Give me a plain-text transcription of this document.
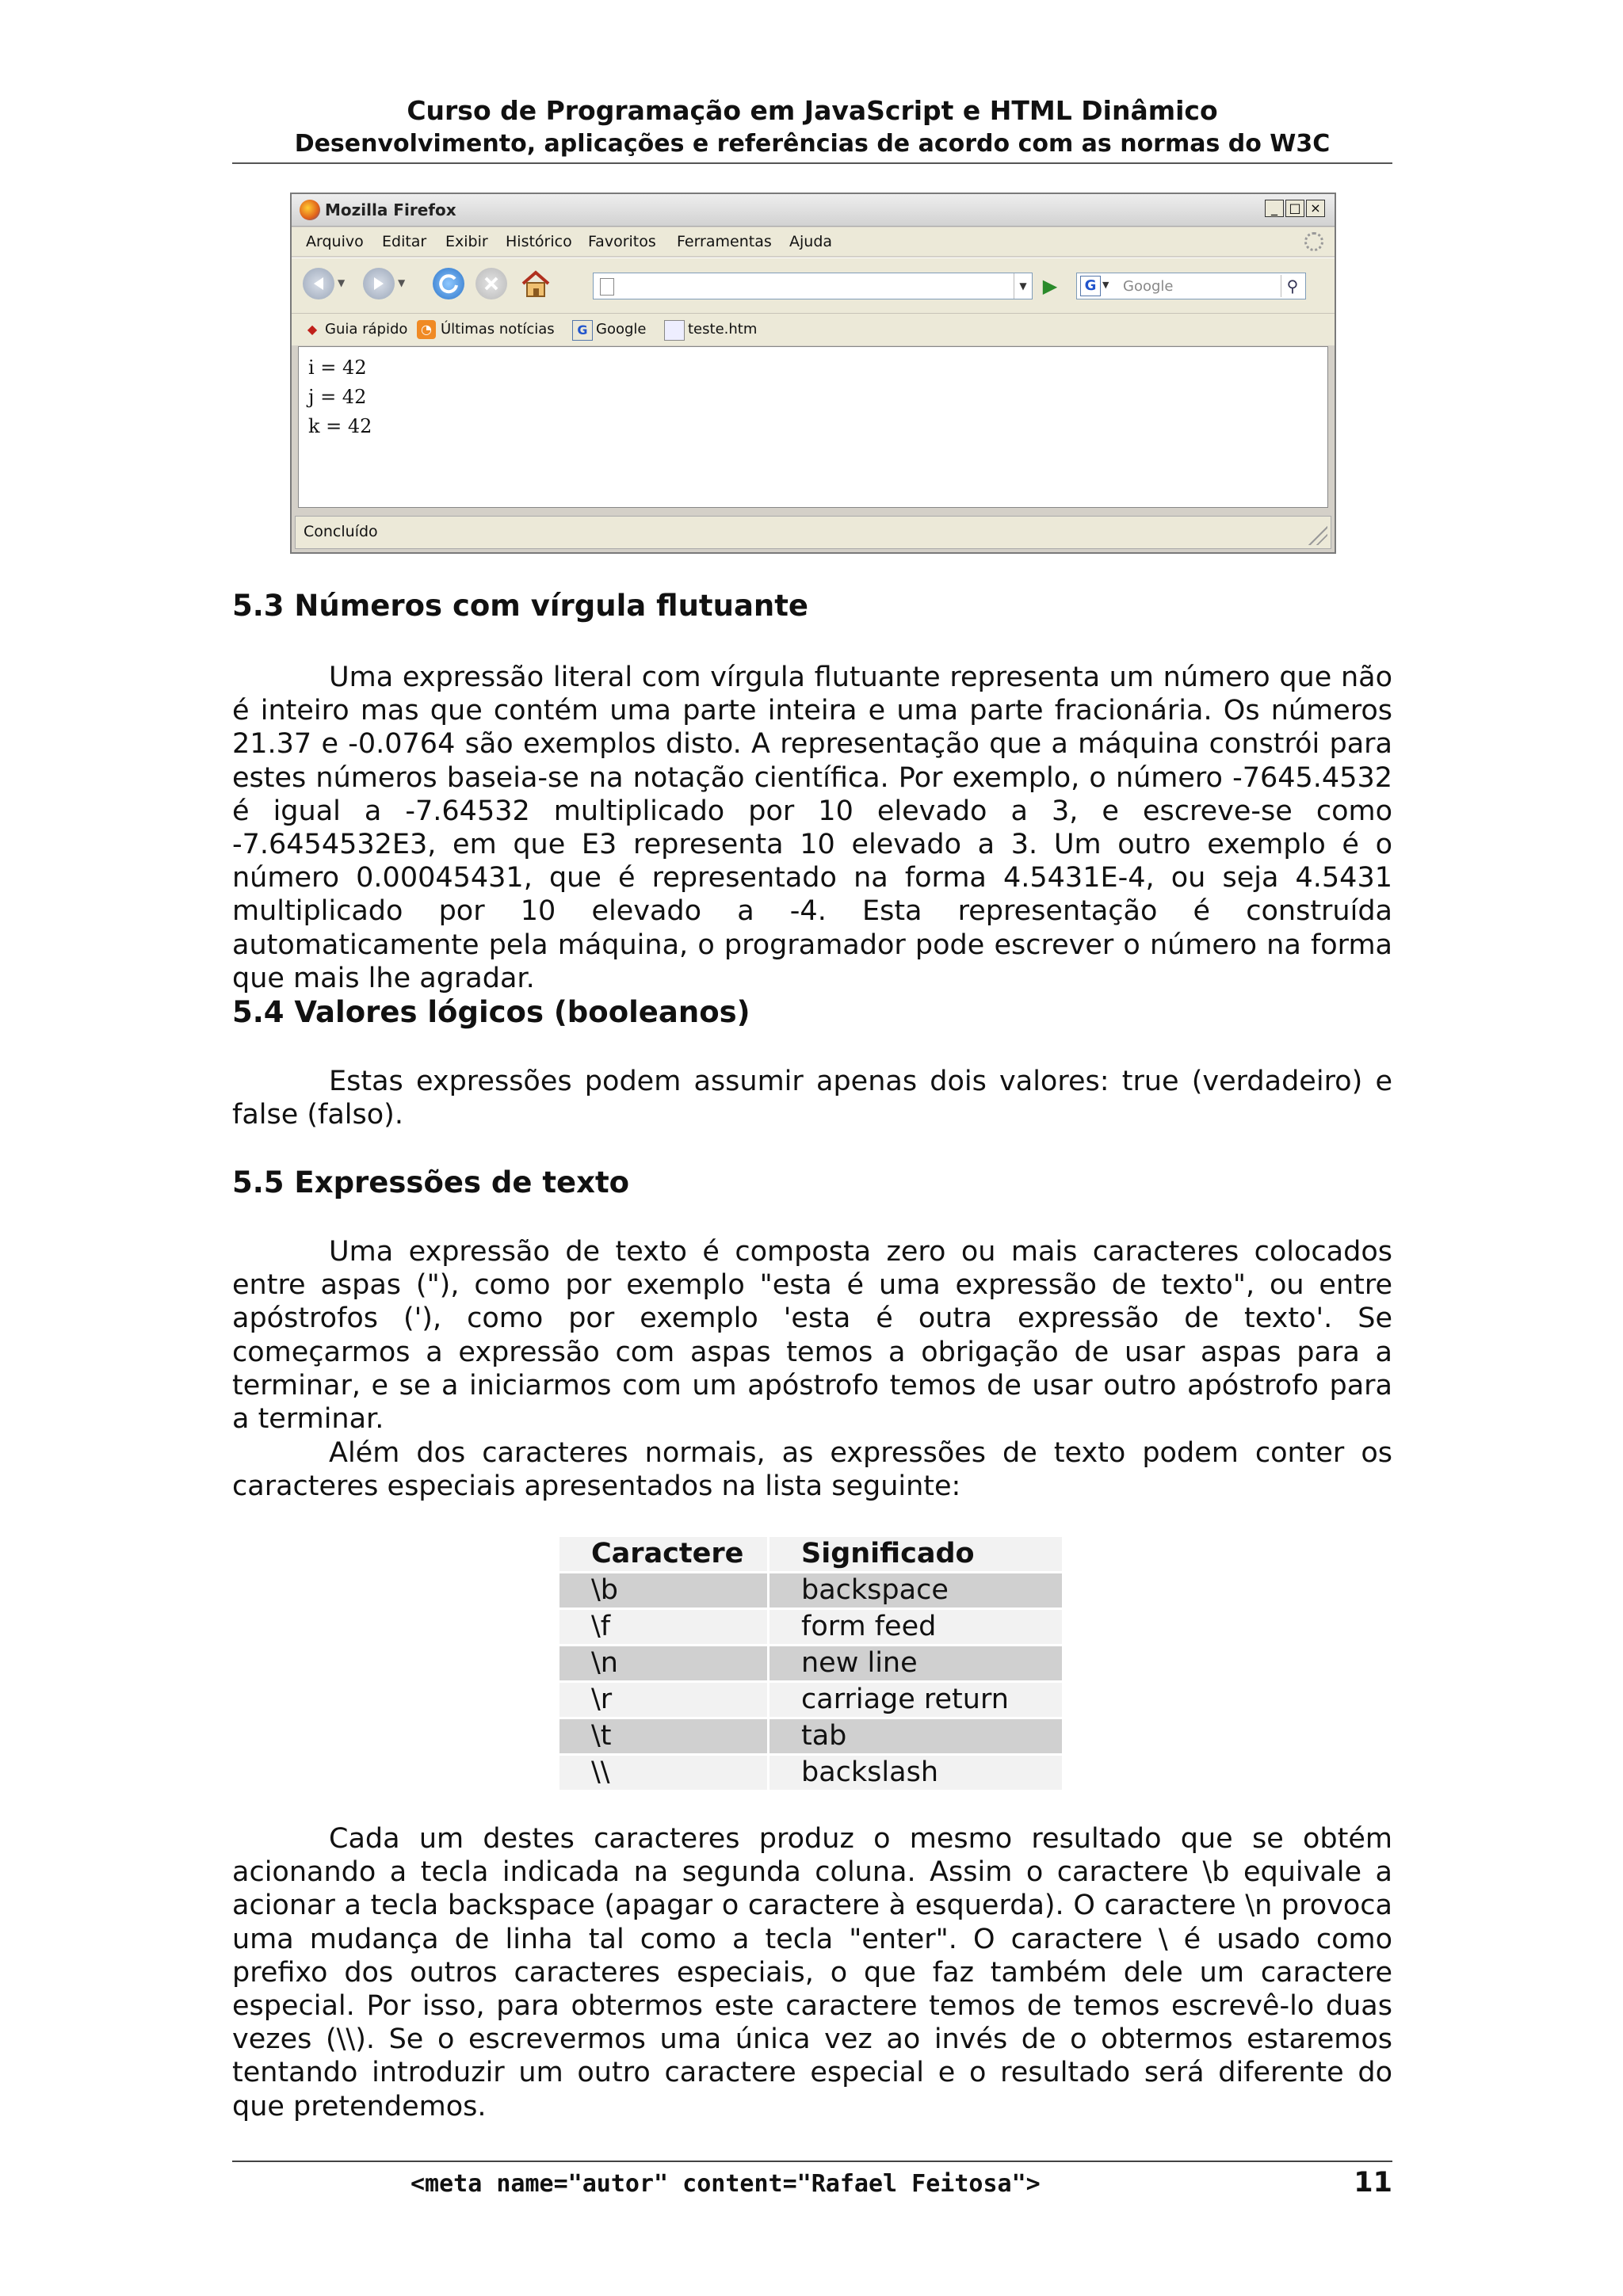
Curso de Programação em JavaScript e HTML Dinâmico
Desenvolvimento, aplicações e referências de acordo com as normas do W3C
Mozilla Firefox	_ □ ×
Arquivo Editar Exibir Histórico Favoritos Ferramentas Ajuda
▼	▼	▼ ▶	G ▼ Google	⚲
◆ Guia rápido	◔ Últimas notícias	G Google	teste.htm
i = 42
j = 42
k = 42
Concluído
5.3 Números com vírgula flutuante
Uma expressão literal com vírgula flutuante representa um número que não é inteiro mas que contém uma parte inteira e uma parte fracionária. Os números 21.37 e -0.0764 são exemplos disto. A representação que a máquina constrói para estes números baseia-se na notação científica. Por exemplo, o número -7645.4532 é igual a -7.64532 multiplicado por 10 elevado a 3, e escreve-se como -7.6454532E3, em que E3 representa 10 elevado a 3. Um outro exemplo é o número 0.00045431, que é representado na forma 4.5431E-4, ou seja 4.5431 multiplicado por 10 elevado a -4. Esta representação é construída automaticamente pela máquina, o programador pode escrever o número na forma que mais lhe agradar.
5.4 Valores lógicos (booleanos)
Estas expressões podem assumir apenas dois valores: true (verdadeiro) e false (falso).
5.5 Expressões de texto
Uma expressão de texto é composta zero ou mais caracteres colocados entre aspas ("), como por exemplo "esta é uma expressão de texto", ou entre apóstrofos ('), como por exemplo 'esta é outra expressão de texto'. Se começarmos a expressão com aspas temos a obrigação de usar aspas para a terminar, e se a iniciarmos com um apóstrofo temos de usar outro apóstrofo para a terminar.
Além dos caracteres normais, as expressões de texto podem conter os caracteres especiais apresentados na lista seguinte:
Caractere	Significado
\b	backspace
\f	form feed
\n	new line
\r	carriage return
\t	tab
\\	backslash
Cada um destes caracteres produz o mesmo resultado que se obtém acionando a tecla indicada na segunda coluna. Assim o caractere \b equivale a acionar a tecla backspace (apagar o caractere à esquerda). O caractere \n provoca uma mudança de linha tal como a tecla "enter". O caractere \ é usado como prefixo dos outros caracteres especiais, o que faz também dele um caractere especial. Por isso, para obtermos este caractere temos de temos escrevê-lo duas vezes (\\). Se o escrevermos uma única vez ao invés de o obtermos estaremos tentando introduzir um outro caractere especial e o resultado será diferente do que pretendemos.
<meta name="autor" content="Rafael Feitosa">	11
